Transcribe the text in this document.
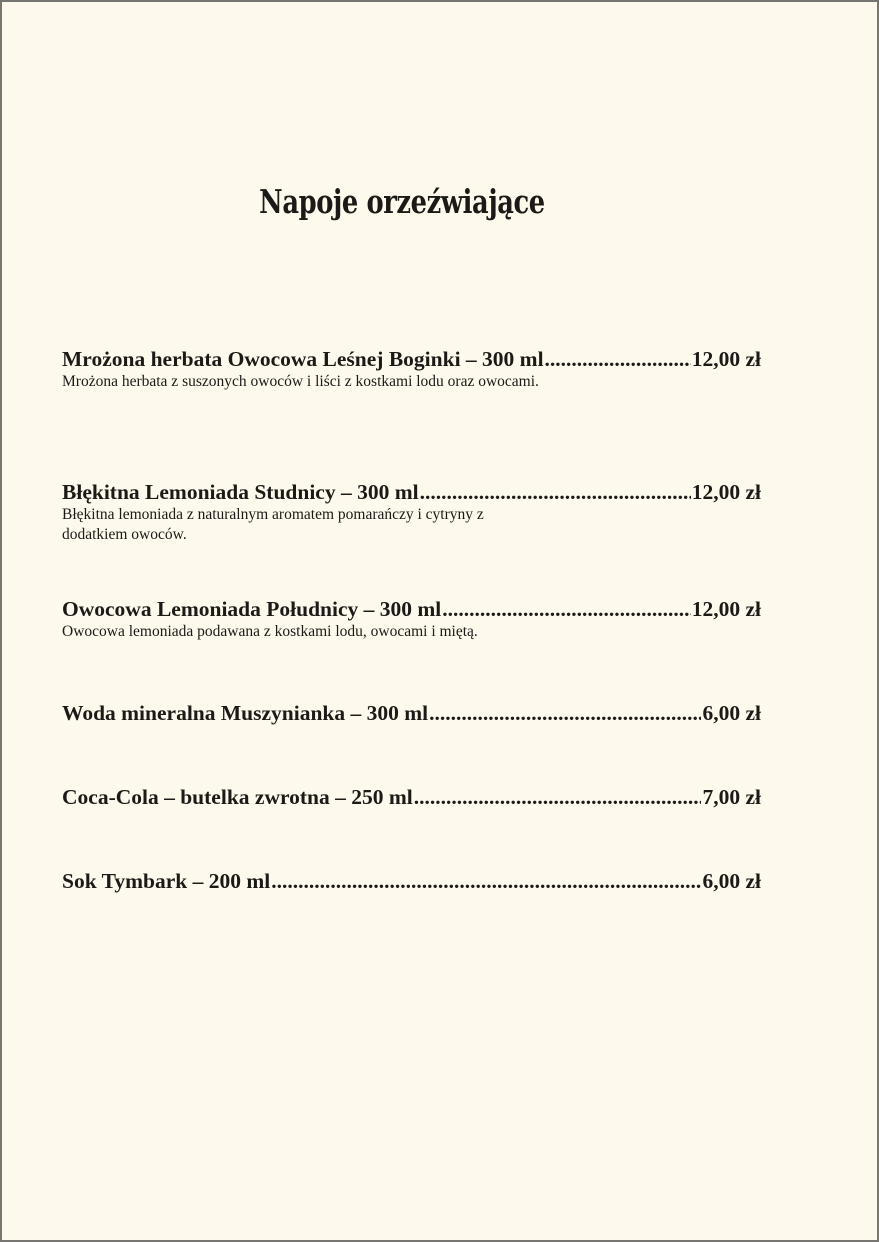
Napoje orzeźwiające
Mrożona herbata Owocowa Leśnej Boginki – 300 ml .....	12,00 zł
Mrożona herbata z suszonych owoców i liści z kostkami lodu oraz owocami.
Błękitna Lemoniada Studnicy – 300 ml .....	12,00 zł
Błękitna lemoniada z naturalnym aromatem pomarańczy i cytryny z dodatkiem owoców.
Owocowa Lemoniada Południcy – 300 ml .....	12,00 zł
Owocowa lemoniada podawana z kostkami lodu, owocami i miętą.
Woda mineralna Muszynianka – 300 ml .....	6,00 zł
Coca-Cola – butelka zwrotna – 250 ml .....	7,00 zł
Sok Tymbark – 200 ml .....	6,00 zł
